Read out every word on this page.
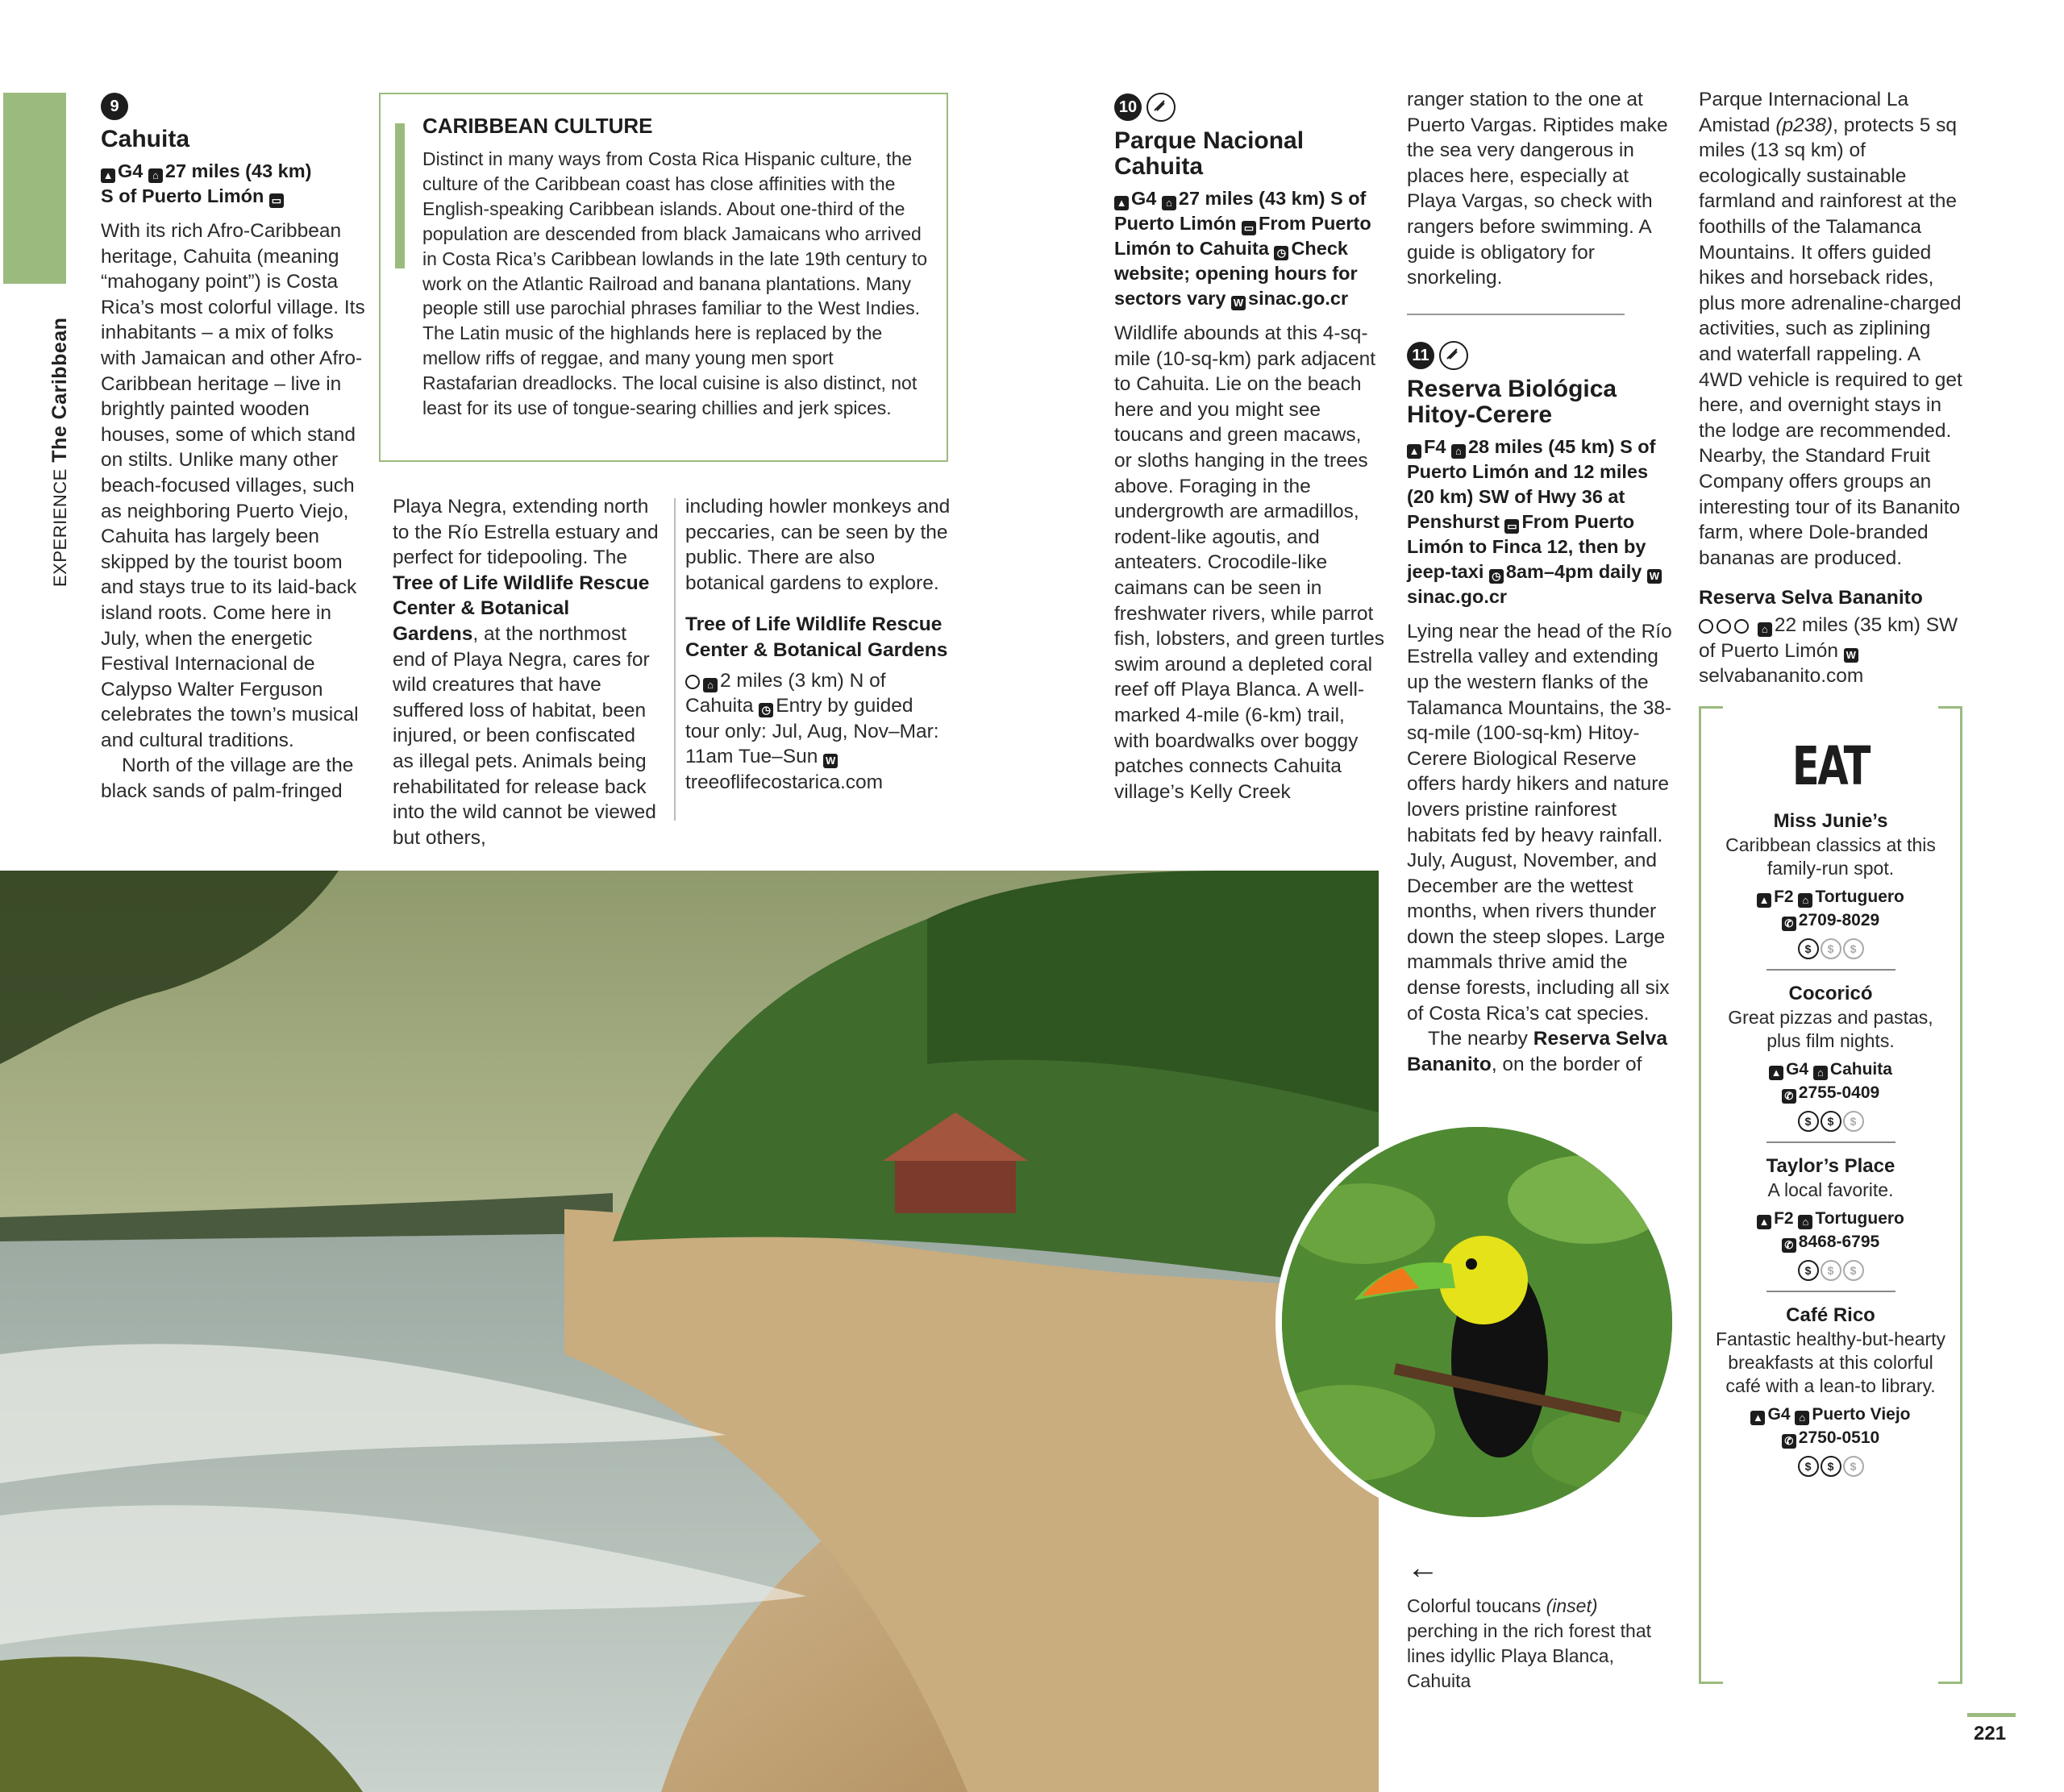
EXPERIENCE The Caribbean
9
Cahuita
▲ G4 ⌂ 27 miles (43 km)
S of Puerto Limón ▭

With its rich Afro-Caribbean heritage, Cahuita (meaning “mahogany point”) is Costa Rica’s most colorful village. Its inhabitants – a mix of folks with Jamaican and other Afro-Caribbean heritage – live in brightly painted wooden houses, some of which stand on stilts. Unlike many other beach-focused villages, such as neighboring Puerto Viejo, Cahuita has largely been skipped by the tourist boom and stays true to its laid-back island roots. Come here in July, when the energetic Festival Internacional de Calypso Walter Ferguson celebrates the town’s musical and cultural traditions.

North of the village are the black sands of palm-fringed

CARIBBEAN CULTURE
Distinct in many ways from Costa Rica Hispanic culture, the culture of the Caribbean coast has close affinities with the English-speaking Caribbean islands. About one-third of the population are descended from black Jamaicans who arrived in Costa Rica’s Caribbean lowlands in the late 19th century to work on the Atlantic Railroad and banana plantations. Many people still use parochial phrases familiar to the West Indies. The Latin music of the highlands here is replaced by the mellow riffs of reggae, and many young men sport Rastafarian dreadlocks. The local cuisine is also distinct, not least for its use of tongue-searing chillies and jerk spices.
Playa Negra, extending north to the Río Estrella estuary and perfect for tidepooling. The Tree of Life Wildlife Rescue Center & Botanical Gardens, at the northmost end of Playa Negra, cares for wild creatures that have suffered loss of habitat, been injured, or been confiscated as illegal pets. Animals being rehabilitated for release back into the wild cannot be viewed but others,
including howler monkeys and peccaries, can be seen by the public. There are also botanical gardens to explore.
Tree of Life Wildlife Rescue Center & Botanical Gardens
⌂ 2 miles (3 km) N of Cahuita ◷ Entry by guided tour only: Jul, Aug, Nov–Mar: 11am Tue–Sun Wtreeoflifecostarica.com
10
Parque Nacional Cahuita
▲ G4 ⌂ 27 miles (43 km) S of Puerto Limón ▭ From Puerto Limón to Cahuita ◷ Check website; opening hours for sectors vary W sinac.go.cr
Wildlife abounds at this 4-sq-mile (10-sq-km) park adjacent to Cahuita. Lie on the beach here and you might see toucans and green macaws, or sloths hanging in the trees above. Foraging in the undergrowth are armadillos, rodent-like agoutis, and anteaters. Crocodile-like caimans can be seen in freshwater rivers, while parrot fish, lobsters, and green turtles swim around a depleted coral reef off Playa Blanca. A well-marked 4-mile (6-km) trail, with boardwalks over boggy patches connects Cahuita village’s Kelly Creek
ranger station to the one at Puerto Vargas. Riptides make the sea very dangerous in places here, especially at Playa Vargas, so check with rangers before swimming. A guide is obligatory for snorkeling.
11
Reserva Biológica Hitoy-Cerere
▲ F4 ⌂ 28 miles (45 km) S of Puerto Limón and 12 miles (20 km) SW of Hwy 36 at Penshurst ▭ From Puerto Limón to Finca 12, then by jeep-taxi ◷ 8am–4pm daily Wsinac.go.cr

Lying near the head of the Río Estrella valley and extending up the western flanks of the Talamanca Mountains, the 38-sq-mile (100-sq-km) Hitoy-Cerere Biological Reserve offers hardy hikers and nature lovers pristine rainforest habitats fed by heavy rainfall. July, August, November, and December are the wettest months, when rivers thunder down the steep slopes. Large mammals thrive amid the dense forests, including all six of Costa Rica’s cat species.

The nearby Reserva Selva Bananito, on the border of

Parque Internacional La Amistad (p238), protects 5 sq miles (13 sq km) of ecologically sustainable farmland and rainforest at the foothills of the Talamanca Mountains. It offers guided hikes and horseback rides, plus more adrenaline-charged activities, such as ziplining and waterfall rappeling. A 4WD vehicle is required to get here, and overnight stays in the lodge are recommended. Nearby, the Standard Fruit Company offers groups an interesting tour of its Bananito farm, where Dole-branded bananas are produced.
Reserva Selva Bananito
⌂ 22 miles (35 km) SW of Puerto Limón Wselvabananito.com
EAT
Miss Junie’s
Caribbean classics at this family-run spot.
▲ F2 ⌂ Tortuguero
✆ 2709-8029
$ $ $
Cocoricó
Great pizzas and pastas, plus film nights.
▲ G4 ⌂ Cahuita
✆ 2755-0409
$ $ $
Taylor’s Place
A local favorite.
▲ F2 ⌂ Tortuguero
✆ 8468-6795
$ $ $
Café Rico
Fantastic healthy-but-hearty breakfasts at this colorful café with a lean-to library.
▲ G4 ⌂ Puerto Viejo
✆ 2750-0510
$ $ $
←
Colorful toucans (inset) perching in the rich forest that lines idyllic Playa Blanca, Cahuita
221
